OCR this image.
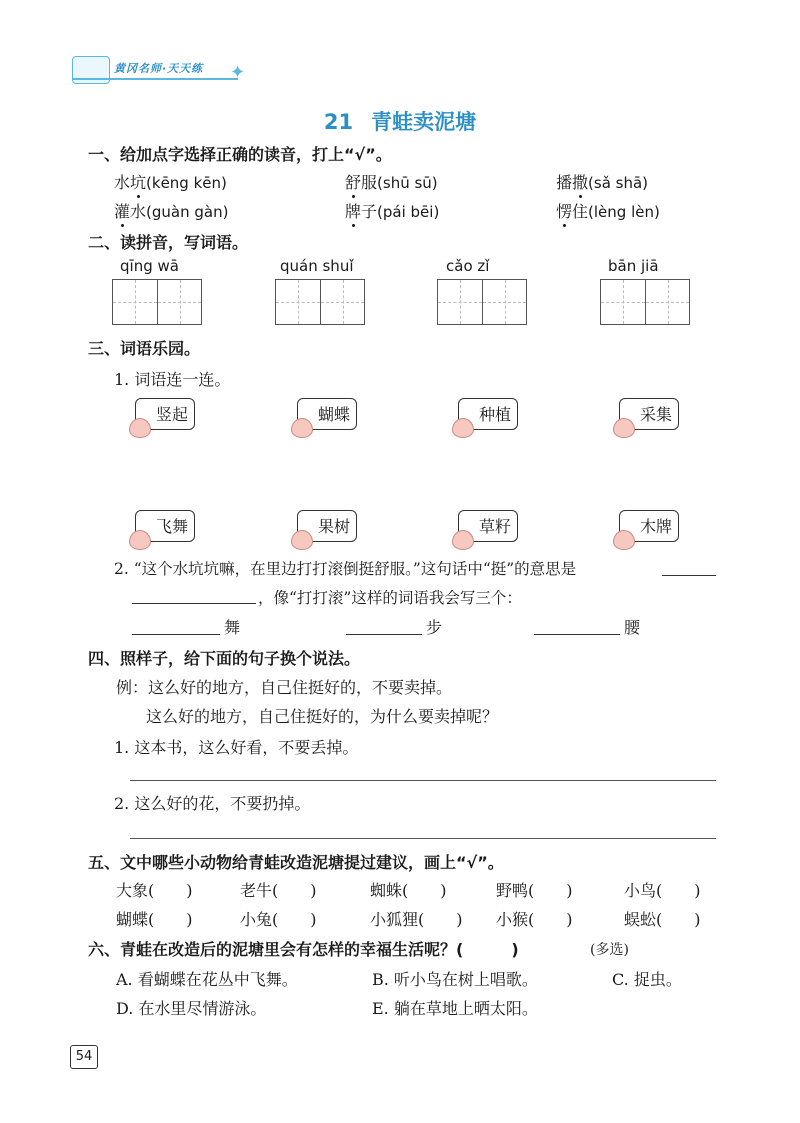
黄冈名师·天天练 ✦
21 青蛙卖泥塘
一、给加点字选择正确的读音，打上“√”。
水坑(kēng kēn)	舒服(shū sū)	播撒(sǎ shā)
灌水(guàn gàn)	牌子(pái bēi)	愣住(lèng lèn)
二、读拼音，写词语。
qīng wā	quán shuǐ	cǎo zǐ	bān jiā
三、词语乐园。
1. 词语连一连。
竖起	蝴蝶	种植	采集
飞舞	果树	草籽	木牌
2. “这个水坑坑嘛，在里边打打滚倒挺舒服。”这句话中“挺”的意思是
，像“打打滚”这样的词语我会写三个：
舞	步	腰
四、照样子，给下面的句子换个说法。
例：这么好的地方，自己住挺好的，不要卖掉。
这么好的地方，自己住挺好的，为什么要卖掉呢？
1. 这本书，这么好看，不要丢掉。
2. 这么好的花，不要扔掉。
五、文中哪些小动物给青蛙改造泥塘提过建议，画上“√”。
大象(　　)	老牛(　　)	蜘蛛(　　)	野鸭(　　)	小鸟(　　)
蝴蝶(　　)	小兔(　　)	小狐狸(　　) 小猴(　　)	蜈蚣(　　)
六、青蛙在改造后的泥塘里会有怎样的幸福生活呢？(　　　)	(多选)
A. 看蝴蝶在花丛中飞舞。	B. 听小鸟在树上唱歌。	C. 捉虫。
D. 在水里尽情游泳。	E. 躺在草地上晒太阳。
54
